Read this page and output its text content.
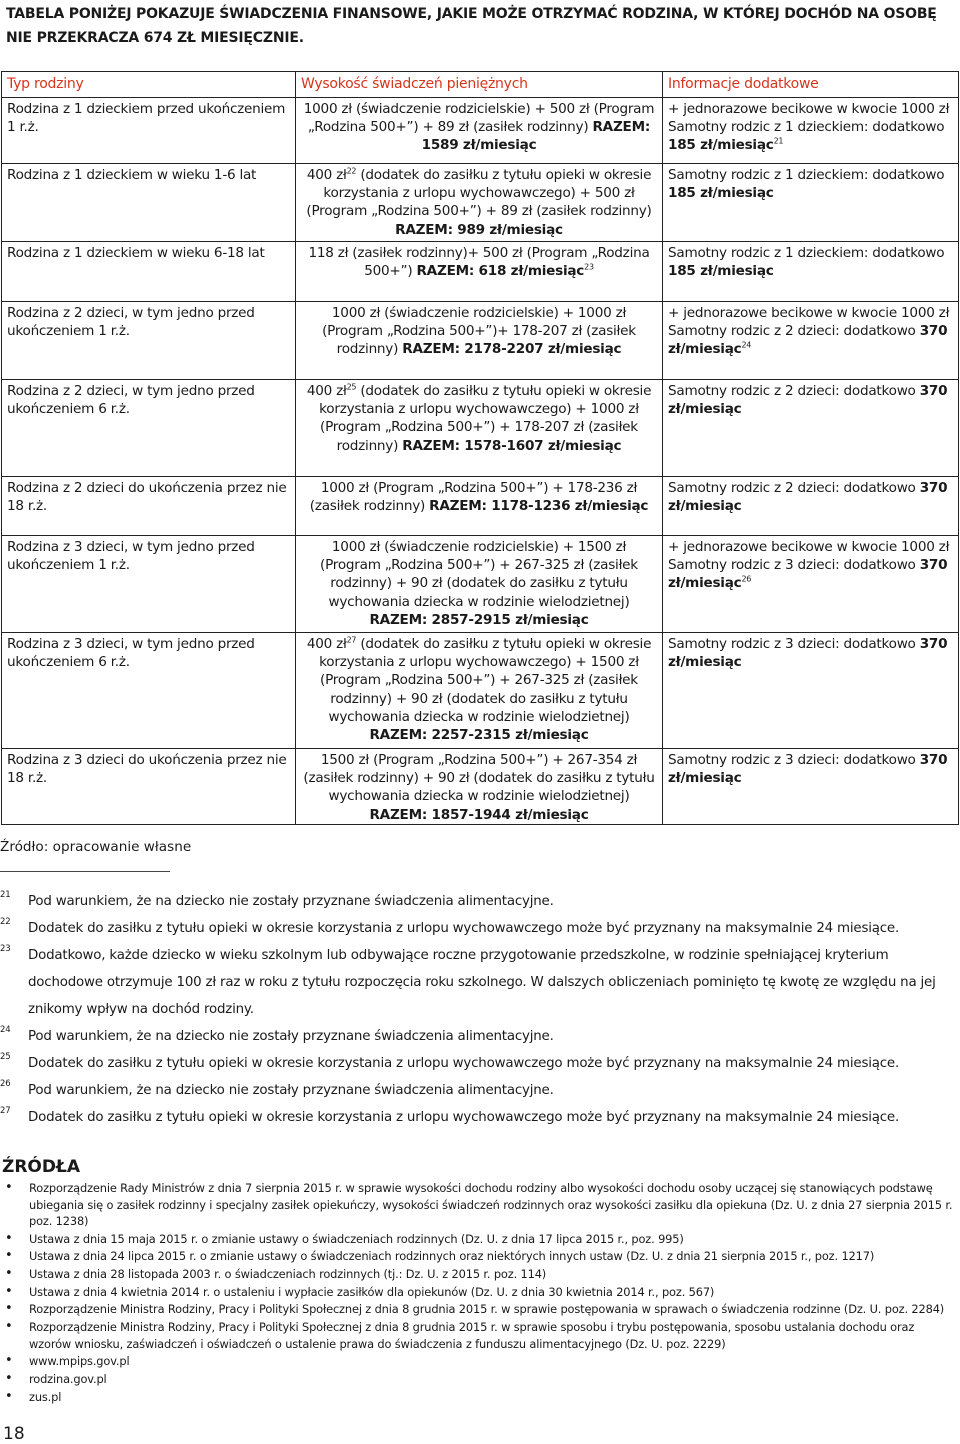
TABELA PONIŻEJ POKAZUJE ŚWIADCZENIA FINANSOWE, JAKIE MOŻE OTRZYMAĆ RODZINA, W KTÓREJ DOCHÓD NA OSOBĘ NIE PRZEKRACZA 674 ZŁ MIESIĘCZNIE.
Typ rodziny	Wysokość świadczeń pieniężnych	Informacje dodatkowe
Rodzina z 1 dzieckiem przed ukończeniem 1 r.ż.	1000 zł (świadczenie rodzicielskie) + 500 zł (Program „Rodzina 500+”) + 89 zł (zasiłek rodzinny) RAZEM: 1589 zł/miesiąc	+ jednorazowe becikowe w kwocie 1000 zł Samotny rodzic z 1 dzieckiem: dodatkowo 185 zł/miesiąc$^{21}$
Rodzina z 1 dzieckiem w wieku 1-6 lat	400 $zł^{22}$ (dodatek do zasiłku z tytułu opieki w okresie korzystania z urlopu wychowawczego) + 500 zł (Program „Rodzina 500+”) + 89 zł (zasiłek rodzinny) RAZEM: 989 zł/miesiąc	Samotny rodzic z 1 dzieckiem: dodatkowo 185 zł/miesiąc
Rodzina z 1 dzieckiem w wieku 6-18 lat	118 zł (zasiłek rodzinny)+ 500 zł (Program „Rodzina 500+”) RAZEM: 618 zł/miesiąc$^{23}$	Samotny rodzic z 1 dzieckiem: dodatkowo 185 zł/miesiąc
Rodzina z 2 dzieci, w tym jedno przed ukończeniem 1 r.ż.	1000 zł (świadczenie rodzicielskie) + 1000 zł (Program „Rodzina 500+”)+ 178-207 zł (zasiłek rodzinny) RAZEM: 2178-2207 zł/miesiąc	+ jednorazowe becikowe w kwocie 1000 zł Samotny rodzic z 2 dzieci: dodatkowo 370 zł/miesiąc$^{24}$
Rodzina z 2 dzieci, w tym jedno przed ukończeniem 6 r.ż.	400 $zł^{25}$ (dodatek do zasiłku z tytułu opieki w okresie korzystania z urlopu wychowawczego) + 1000 zł (Program „Rodzina 500+”) + 178-207 zł (zasiłek rodzinny) RAZEM: 1578-1607 zł/miesiąc	Samotny rodzic z 2 dzieci: dodatkowo 370 zł/miesiąc
Rodzina z 2 dzieci do ukończenia przez nie 18 r.ż.	1000 zł (Program „Rodzina 500+”) + 178-236 zł (zasiłek rodzinny) RAZEM: 1178-1236 zł/miesiąc	Samotny rodzic z 2 dzieci: dodatkowo 370 zł/miesiąc
Rodzina z 3 dzieci, w tym jedno przed ukończeniem 1 r.ż.	1000 zł (świadczenie rodzicielskie) + 1500 zł (Program „Rodzina 500+”) + 267-325 zł (zasiłek rodzinny) + 90 zł (dodatek do zasiłku z tytułu wychowania dziecka w rodzinie wielodzietnej) RAZEM: 2857-2915 zł/miesiąc	+ jednorazowe becikowe w kwocie 1000 zł Samotny rodzic z 3 dzieci: dodatkowo 370 zł/miesiąc$^{26}$
Rodzina z 3 dzieci, w tym jedno przed ukończeniem 6 r.ż.	400 $zł^{27}$ (dodatek do zasiłku z tytułu opieki w okresie korzystania z urlopu wychowawczego) + 1500 zł (Program „Rodzina 500+”) + 267-325 zł (zasiłek rodzinny) + 90 zł (dodatek do zasiłku z tytułu wychowania dziecka w rodzinie wielodzietnej) RAZEM: 2257-2315 zł/miesiąc	Samotny rodzic z 3 dzieci: dodatkowo 370 zł/miesiąc
Rodzina z 3 dzieci do ukończenia przez nie 18 r.ż.	1500 zł (Program „Rodzina 500+”) + 267-354 zł (zasiłek rodzinny) + 90 zł (dodatek do zasiłku z tytułu wychowania dziecka w rodzinie wielodzietnej) RAZEM: 1857-1944 zł/miesiąc	Samotny rodzic z 3 dzieci: dodatkowo 370 zł/miesiąc
Źródło: opracowanie własne
21 Pod warunkiem, że na dziecko nie zostały przyznane świadczenia alimentacyjne.
22 Dodatek do zasiłku z tytułu opieki w okresie korzystania z urlopu wychowawczego może być przyznany na maksymalnie 24 miesiące.
23 Dodatkowo, każde dziecko w wieku szkolnym lub odbywające roczne przygotowanie przedszkolne, w rodzinie spełniającej kryterium dochodowe otrzymuje 100 zł raz w roku z tytułu rozpoczęcia roku szkolnego. W dalszych obliczeniach pominięto tę kwotę ze względu na jej znikomy wpływ na dochód rodziny.
24 Pod warunkiem, że na dziecko nie zostały przyznane świadczenia alimentacyjne.
25 Dodatek do zasiłku z tytułu opieki w okresie korzystania z urlopu wychowawczego może być przyznany na maksymalnie 24 miesiące.
26 Pod warunkiem, że na dziecko nie zostały przyznane świadczenia alimentacyjne.
27 Dodatek do zasiłku z tytułu opieki w okresie korzystania z urlopu wychowawczego może być przyznany na maksymalnie 24 miesiące.
ŹRÓDŁA
• Rozporządzenie Rady Ministrów z dnia 7 sierpnia 2015 r. w sprawie wysokości dochodu rodziny albo wysokości dochodu osoby uczącej się stanowiących podstawę ubiegania się o zasiłek rodzinny i specjalny zasiłek opiekuńczy, wysokości świadczeń rodzinnych oraz wysokości zasiłku dla opiekuna (Dz. U. z dnia 27 sierpnia 2015 r. poz. 1238)
• Ustawa z dnia 15 maja 2015 r. o zmianie ustawy o świadczeniach rodzinnych (Dz. U. z dnia 17 lipca 2015 r., poz. 995)
• Ustawa z dnia 24 lipca 2015 r. o zmianie ustawy o świadczeniach rodzinnych oraz niektórych innych ustaw (Dz. U. z dnia 21 sierpnia 2015 r., poz. 1217)
• Ustawa z dnia 28 listopada 2003 r. o świadczeniach rodzinnych (tj.: Dz. U. z 2015 r. poz. 114)
• Ustawa z dnia 4 kwietnia 2014 r. o ustaleniu i wypłacie zasiłków dla opiekunów (Dz. U. z dnia 30 kwietnia 2014 r., poz. 567)
• Rozporządzenie Ministra Rodziny, Pracy i Polityki Społecznej z dnia 8 grudnia 2015 r. w sprawie postępowania w sprawach o świadczenia rodzinne (Dz. U. poz. 2284)
• Rozporządzenie Ministra Rodziny, Pracy i Polityki Społecznej z dnia 8 grudnia 2015 r. w sprawie sposobu i trybu postępowania, sposobu ustalania dochodu oraz wzorów wniosku, zaświadczeń i oświadczeń o ustalenie prawa do świadczenia z funduszu alimentacyjnego (Dz. U. poz. 2229)
• www.mpips.gov.pl
• rodzina.gov.pl
• zus.pl
18
